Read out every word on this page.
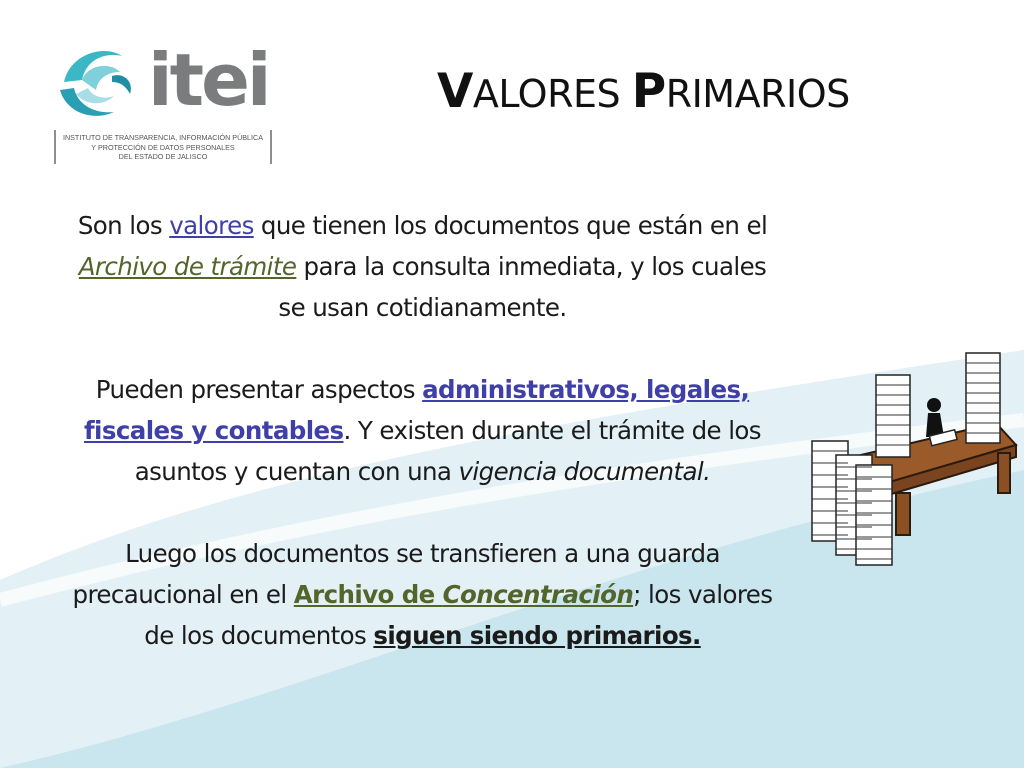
itei
INSTITUTO DE TRANSPARENCIA, INFORMACIÓN PÚBLICA
Y PROTECCIÓN DE DATOS PERSONALES
DEL ESTADO DE JALISCO
VALORES PRIMARIOS

Son los valores que tienen los documentos que están en el Archivo de trámite para la consulta inmediata, y los cuales se usan cotidianamente.

Pueden presentar aspectos administrativos, legales, fiscales y contables. Y existen durante el trámite de los asuntos y cuentan con una vigencia documental.

Luego los documentos se transfieren a una guarda precaucional en el Archivo de Concentración; los valores de los documentos siguen siendo primarios.
